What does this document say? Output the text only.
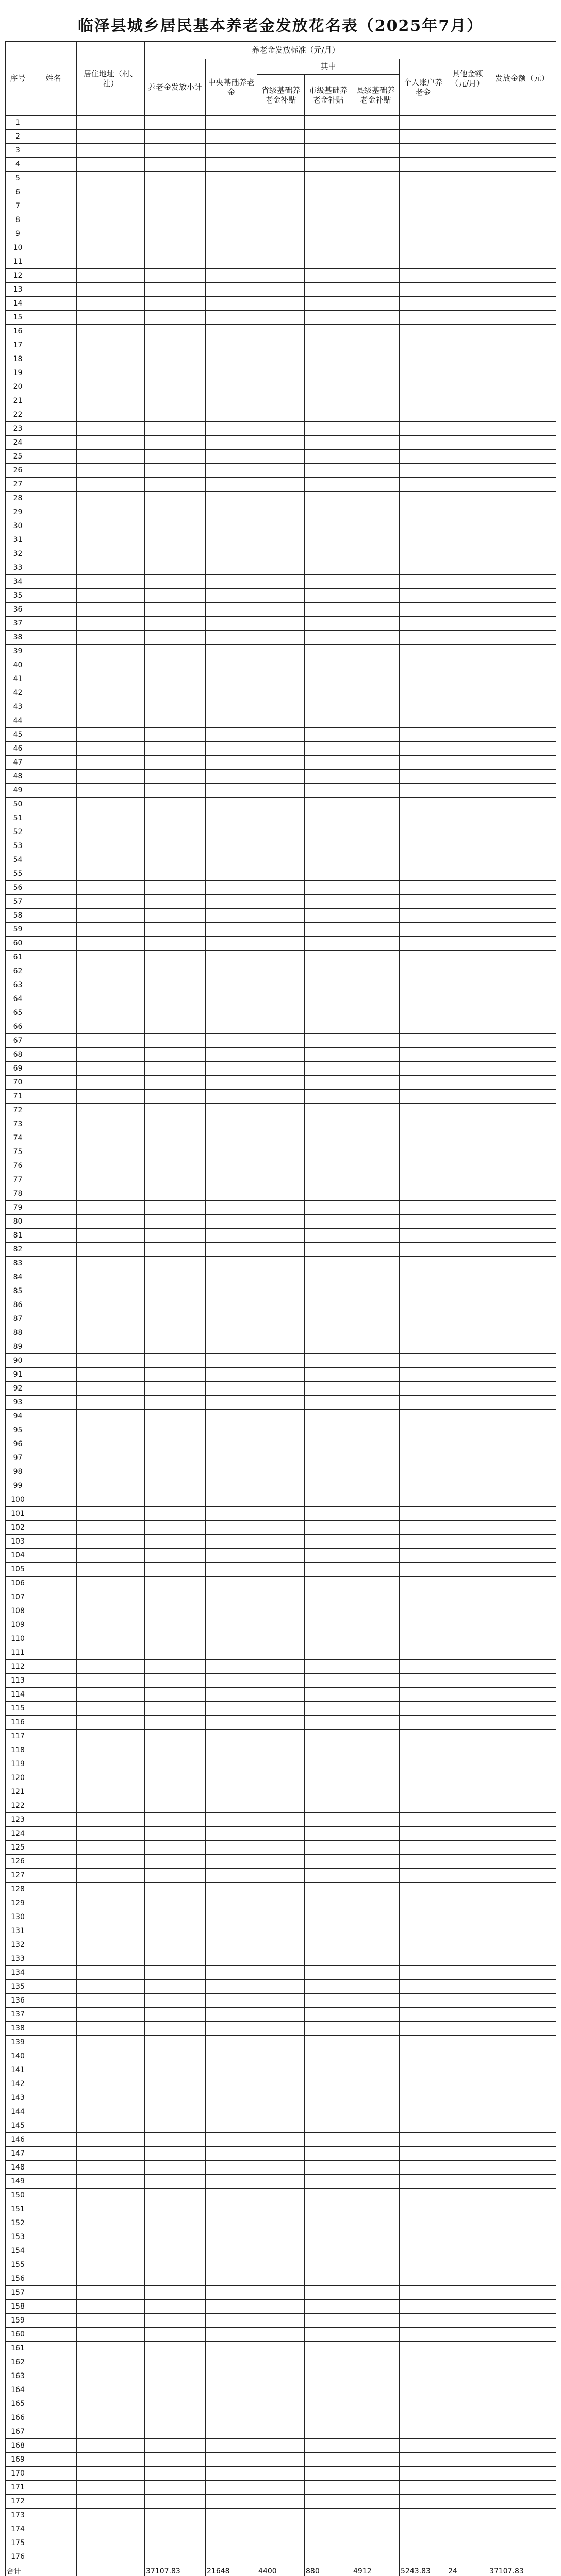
临泽县城乡居民基本养老金发放花名表（2025年7月）
序号	姓名	居住地址（村、社）	养老金发放标准（元/月）						其他金额（元/月）	发放金额（元）
			养老金发放小计	中央基础养老金	其中			个人账户养老金		
					省级基础养老金补贴	市级基础养老金补贴	县级基础养老金补贴			
1										
2										
3										
4										
5										
6										
7										
8										
9										
10										
11										
12										
13										
14										
15										
16										
17										
18										
19										
20										
21										
22										
23										
24										
25										
26										
27										
28										
29										
30										
31										
32										
33										
34										
35										
36										
37										
38										
39										
40										
41										
42										
43										
44										
45										
46										
47										
48										
49										
50										
51										
52										
53										
54										
55										
56										
57										
58										
59										
60										
61										
62										
63										
64										
65										
66										
67										
68										
69										
70										
71										
72										
73										
74										
75										
76										
77										
78										
79										
80										
81										
82										
83										
84										
85										
86										
87										
88										
89										
90										
91										
92										
93										
94										
95										
96										
97										
98										
99										
100										
101										
102										
103										
104										
105										
106										
107										
108										
109										
110										
111										
112										
113										
114										
115										
116										
117										
118										
119										
120										
121										
122										
123										
124										
125										
126										
127										
128										
129										
130										
131										
132										
133										
134										
135										
136										
137										
138										
139										
140										
141										
142										
143										
144										
145										
146										
147										
148										
149										
150										
151										
152										
153										
154										
155										
156										
157										
158										
159										
160										
161										
162										
163										
164										
165										
166										
167										
168										
169										
170										
171										
172										
173										
174										
175										
176										
合计			37107.83	21648	4400	880	4912	5243.83	24	37107.83
